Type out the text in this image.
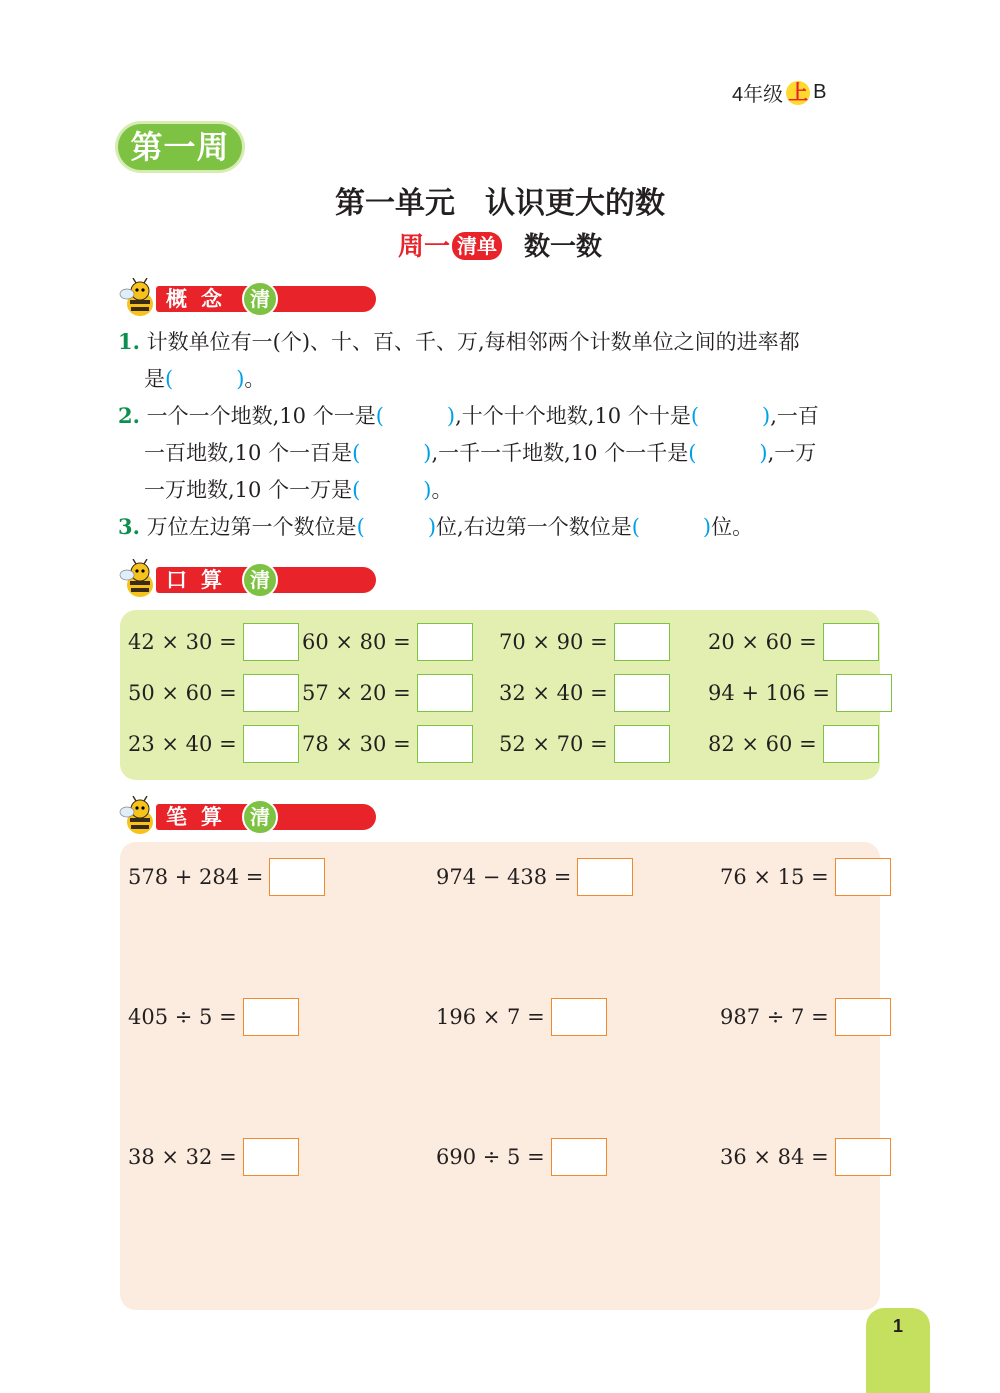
4年级 上 B
第一周
第一单元　认识更大的数
周一 清单 数一数
概念 清
1. 计数单位有一(个)、十、百、千、万,每相邻两个计数单位之间的进率都
是(　　　)。
2. 一个一个地数,10 个一是(　　　),十个十个地数,10 个十是(　　　),一百
一百地数,10 个一百是(　　　),一千一千地数,10 个一千是(　　　),一万
一万地数,10 个一万是(　　　)。
3. 万位左边第一个数位是(　　　)位,右边第一个数位是(　　　)位。
口算 清
42 × 30 =	60 × 80 =	70 × 90 =	20 × 60 =
50 × 60 =	57 × 20 =	32 × 40 =	94 + 106 =
23 × 40 =	78 × 30 =	52 × 70 =	82 × 60 =
笔算 清
578 + 284 =	974 − 438 =	76 × 15 =
405 ÷ 5 =	196 × 7 =	987 ÷ 7 =
38 × 32 =	690 ÷ 5 =	36 × 84 =
1
